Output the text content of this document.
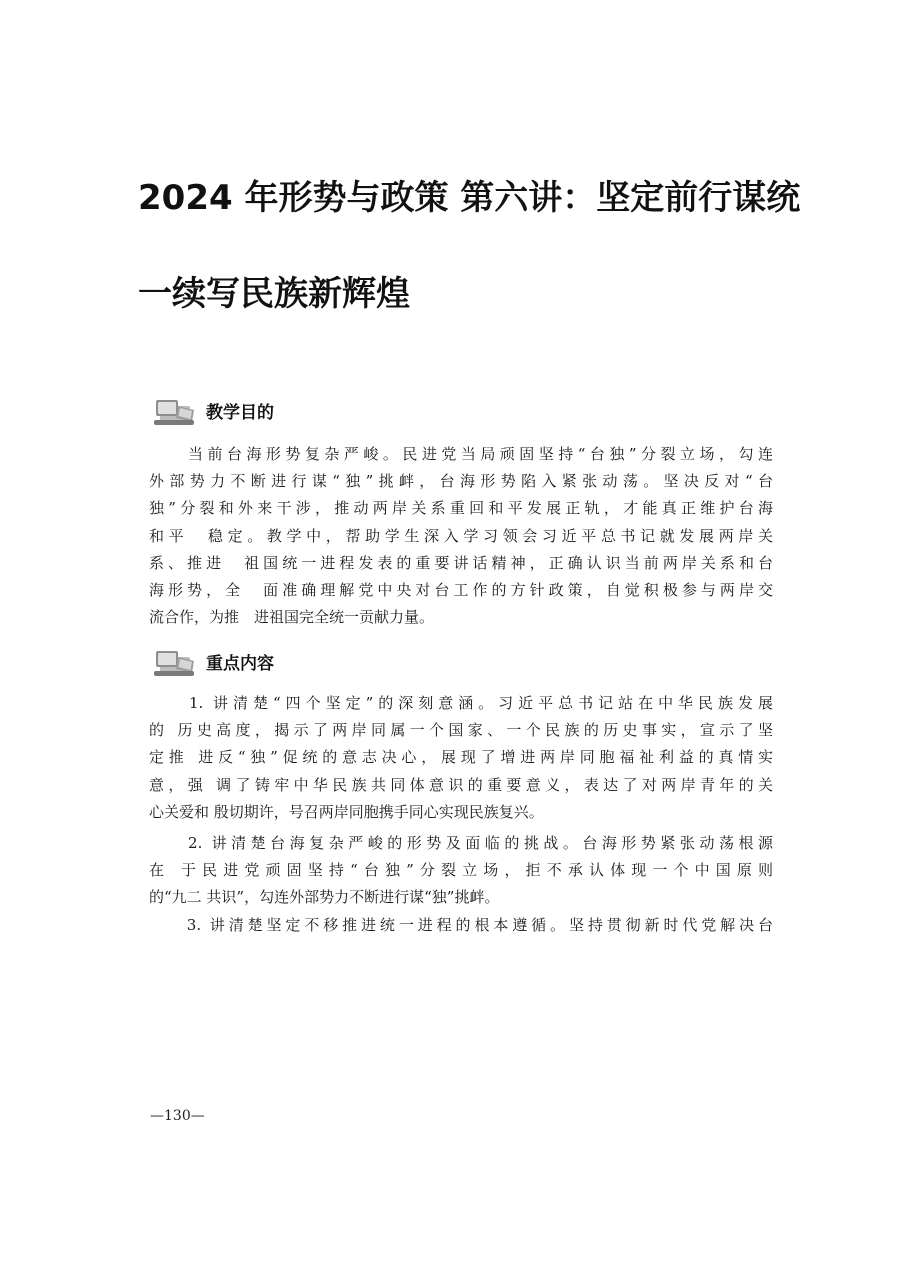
2024 年形势与政策 第六讲：坚定前行谋统
一续写民族新辉煌
教学目的
　　当前台海形势复杂严峻。民进党当局顽固坚持“台独”分裂立场，勾连
外部势力不断进行谋“独”挑衅，台海形势陷入紧张动荡。坚决反对“台
独”分裂和外来干涉，推动两岸关系重回和平发展正轨，才能真正维护台海
和平　稳定。教学中，帮助学生深入学习领会习近平总书记就发展两岸关
系、推进　祖国统一进程发表的重要讲话精神，正确认识当前两岸关系和台
海形势，全　面准确理解党中央对台工作的方针政策，自觉积极参与两岸交
流合作，为推　进祖国完全统一贡献力量。
重点内容
　　1. 讲清楚“四个坚定”的深刻意涵。习近平总书记站在中华民族发展
的 历史高度，揭示了两岸同属一个国家、一个民族的历史事实，宣示了坚
定推 进反“独”促统的意志决心，展现了增进两岸同胞福祉利益的真情实
意，强 调了铸牢中华民族共同体意识的重要意义，表达了对两岸青年的关
心关爱和 殷切期许，号召两岸同胞携手同心实现民族复兴。
　　2. 讲清楚台海复杂严峻的形势及面临的挑战。台海形势紧张动荡根源
在 于民进党顽固坚持“台独”分裂立场，拒不承认体现一个中国原则
的“九二 共识”，勾连外部势力不断进行谋“独”挑衅。
　　3. 讲清楚坚定不移推进统一进程的根本遵循。坚持贯彻新时代党解决台
—130—
